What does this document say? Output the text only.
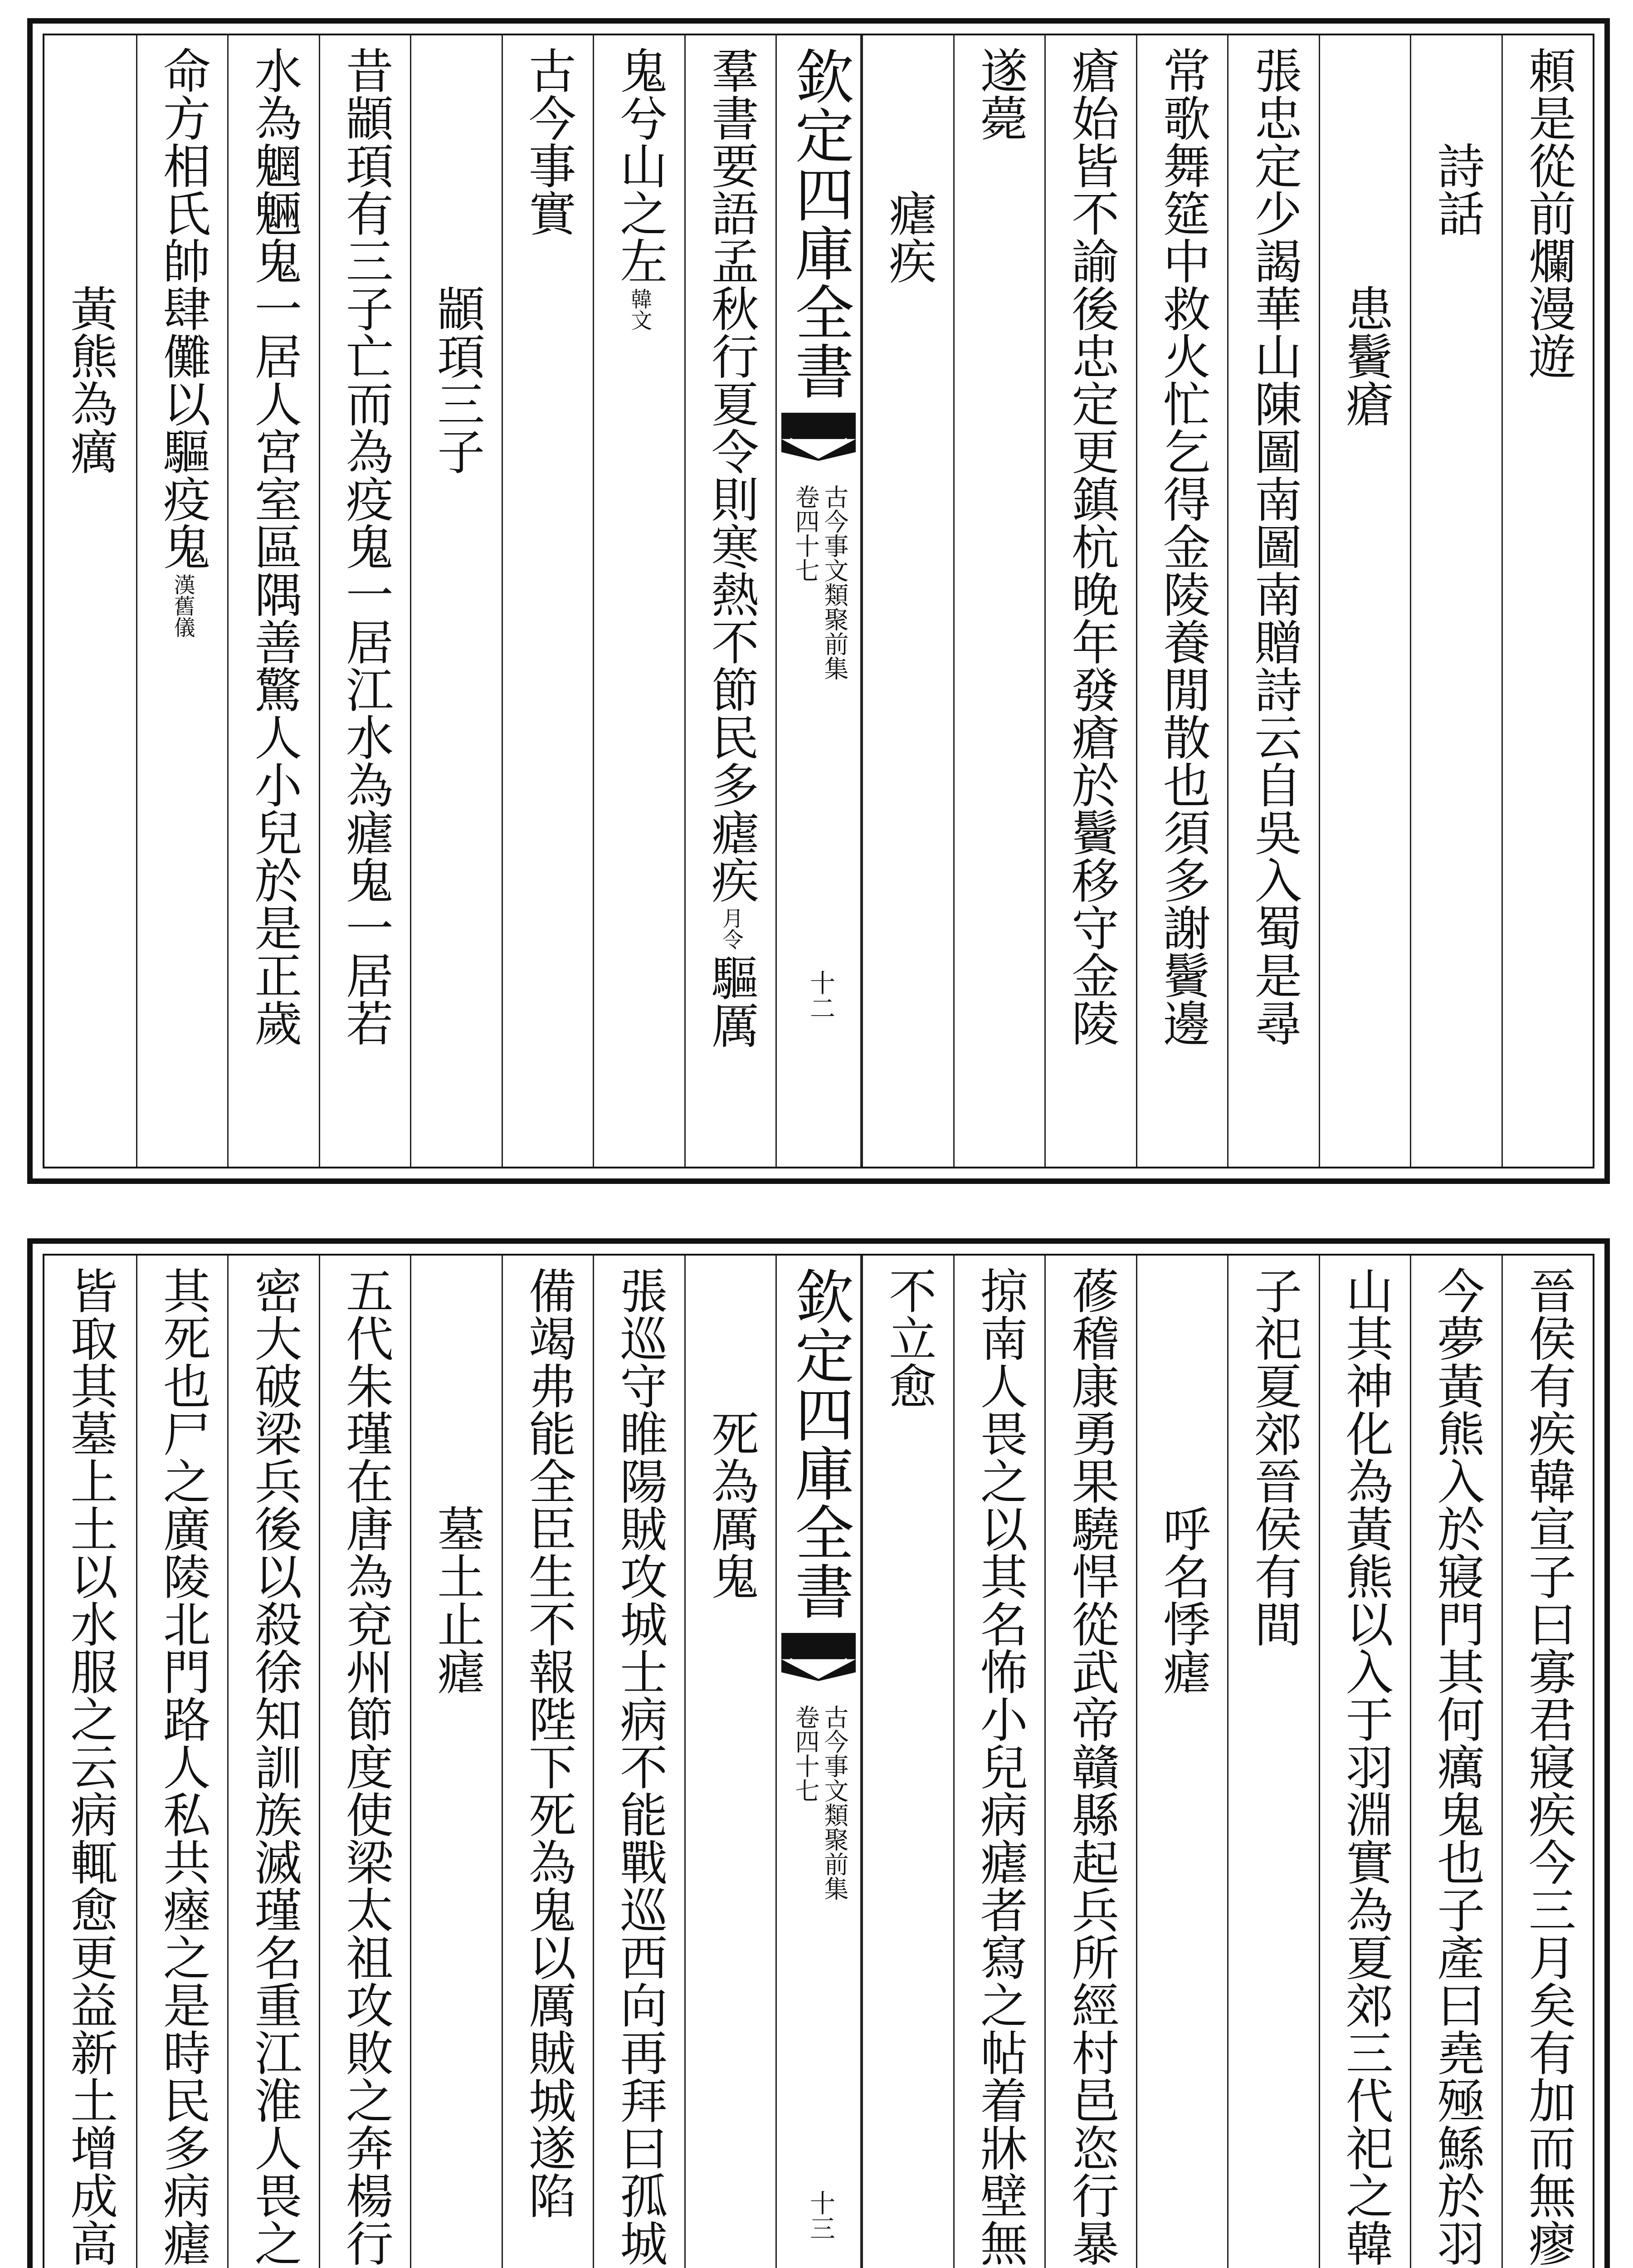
頼是從前爛漫遊
詩話
患鬢瘡
張忠定少謁華山陳圖南圖南贈詩云自吳入蜀是尋
常歌舞筵中救火忙乞得金陵養閒散也須多謝鬢邊
瘡始皆不諭後忠定更鎮杭晚年發瘡於鬢移守金陵
遂薨
瘧疾
欽定四庫全書
古今事文類聚前集
卷四十七
十二
羣書要語孟秋行夏令則寒熱不節民多瘧疾
月令
驅厲
鬼兮山之左
韓文
古今事實
顓頊三子
昔顓頊有三子亡而為疫鬼一居江水為瘧鬼一居若
水為魍魎鬼一居人宮室區隅善驚人小兒於是正歲
命方相氏帥肆儺以驅疫鬼
漢舊儀
黃熊為癘
晉侯有疾韓宣子曰寡君寢疾今三月矣有加而無瘳
今夢黃熊入於寢門其何癘鬼也子產曰堯殛鯀於羽
山其神化為黃熊以入于羽淵實為夏郊三代祀之韓
子祀夏郊晉侯有間
呼名悸瘧
蓚稽康勇果驍悍從武帝贛縣起兵所經村邑恣行暴
掠南人畏之以其名怖小兒病瘧者寫之帖着牀壁無
不立愈
欽定四庫全書
古今事文類聚前集
卷四十七
十三
死為厲鬼
張巡守睢陽賊攻城士病不能戰巡西向再拜曰孤城
備竭弗能全臣生不報陛下死為鬼以厲賊城遂陷
墓土止瘧
五代朱瑾在唐為兗州節度使梁太祖攻敗之奔楊行
密大破梁兵後以殺徐知訓族滅瑾名重江淮人畏之
其死也尸之廣陵北門路人私共瘞之是時民多病瘧
皆取其墓上土以水服之云病輒愈更益新土增成高
